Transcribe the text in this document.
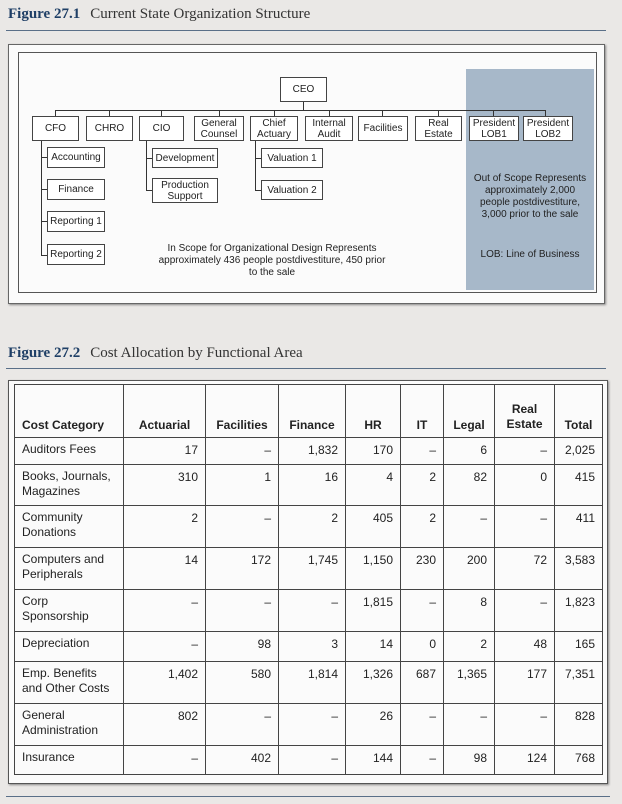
Figure 27.1 Current State Organization Structure
CEO
CFO	CHRO	CIO	General Counsel
Chief Actuary
Internal Audit	Facilities	Real Estate
President LOB1
President LOB2
Accounting
Finance
Reporting 1
Reporting 2
Development
Production Support
Valuation 1
Valuation 2
In Scope for Organizational Design Represents approximately 436 people postdivestiture, 450 prior to the sale
Out of Scope Represents approximately 2,000 people postdivestiture, 3,000 prior to the sale
LOB: Line of Business
Figure 27.2 Cost Allocation by Functional Area
Cost Category	Actuarial	Facilities	Finance	HR	IT	Legal	Real Estate	Total
Auditors Fees	17	–	1,832	170	–	6	–	2,025
Books, Journals, Magazines	310	1	16	4	2	82	0	415
Community Donations	2	–	2	405	2	–	–	411
Computers and Peripherals	14	172	1,745	1,150	230	200	72	3,583
Corp Sponsorship	–	–	–	1,815	–	8	–	1,823
Depreciation	–	98	3	14	0	2	48	165
Emp. Benefits and Other Costs	1,402	580	1,814	1,326	687	1,365	177	7,351
General Administration	802	–	–	26	–	–	–	828
Insurance	–	402	–	144	–	98	124	768
